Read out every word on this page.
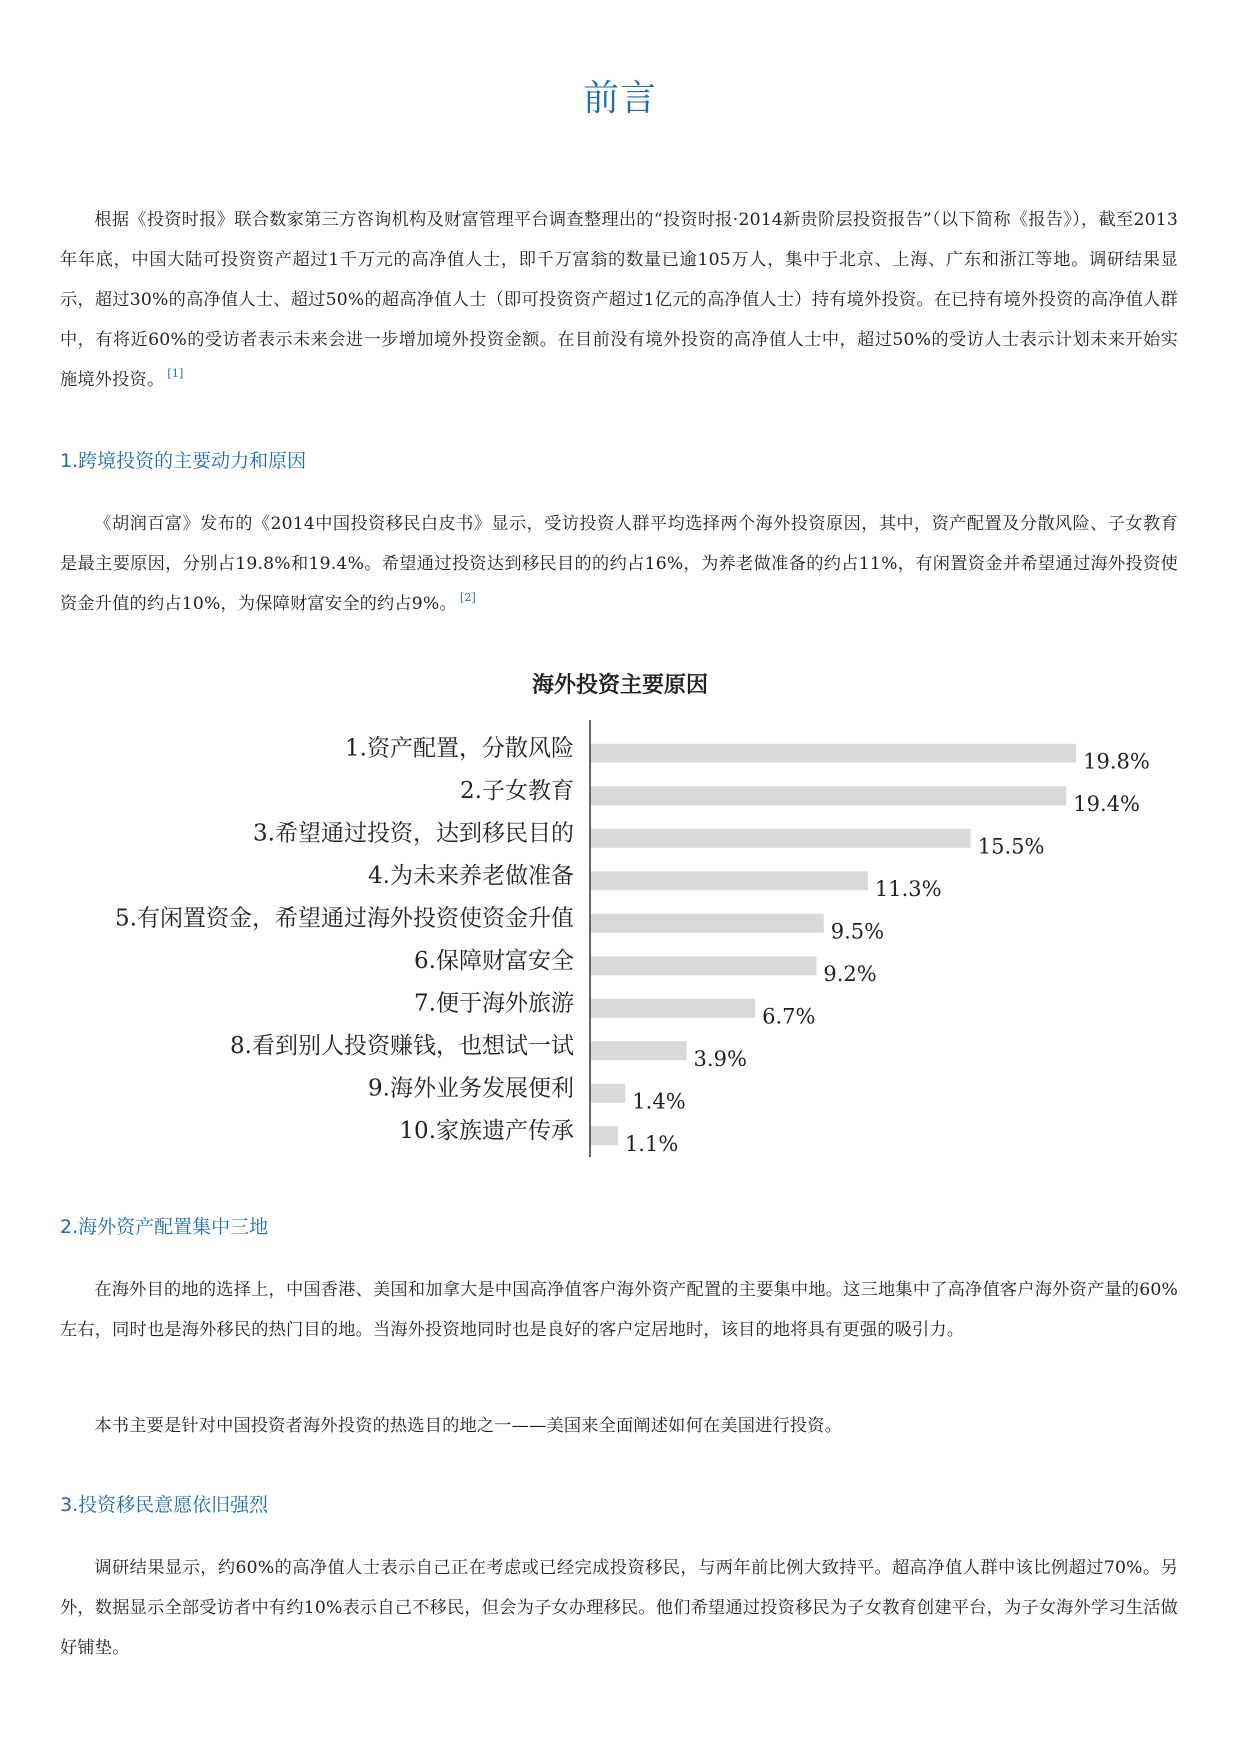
前言

根据《投资时报》联合数家第三方咨询机构及财富管理平台调查整理出的“投资时报·2014新贵阶层投资报告”（以下简称《报告》），截至2013年年底，中国大陆可投资资产超过1千万元的高净值人士，即千万富翁的数量已逾105万人，集中于北京、上海、广东和浙江等地。调研结果显示，超过30%的高净值人士、超过50%的超高净值人士（即可投资资产超过1亿元的高净值人士）持有境外投资。在已持有境外投资的高净值人群中，有将近60%的受访者表示未来会进一步增加境外投资金额。在目前没有境外投资的高净值人士中，超过50%的受访人士表示计划未来开始实施境外投资。 [1]

1.跨境投资的主要动力和原因

《胡润百富》发布的《2014中国投资移民白皮书》显示，受访投资人群平均选择两个海外投资原因，其中，资产配置及分散风险、子女教育是最主要原因，分别占19.8%和19.4%。希望通过投资达到移民目的的约占16%，为养老做准备的约占11%，有闲置资金并希望通过海外投资使资金升值的约占10%，为保障财富安全的约占9%。 [2]

海外投资主要原因
1.资产配置，分散风险	19.8%
2.子女教育	19.4%
3.希望通过投资，达到移民目的	15.5%
4.为未来养老做准备	11.3%
5.有闲置资金，希望通过海外投资使资金升值	9.5%
6.保障财富安全	9.2%
7.便于海外旅游	6.7%
8.看到别人投资赚钱，也想试一试	3.9%
9.海外业务发展便利	1.4%
10.家族遗产传承 1.1%
2.海外资产配置集中三地

在海外目的地的选择上，中国香港、美国和加拿大是中国高净值客户海外资产配置的主要集中地。这三地集中了高净值客户海外资产量的60%左右，同时也是海外移民的热门目的地。当海外投资地同时也是良好的客户定居地时，该目的地将具有更强的吸引力。

本书主要是针对中国投资者海外投资的热选目的地之一——美国来全面阐述如何在美国进行投资。

3.投资移民意愿依旧强烈

调研结果显示，约60%的高净值人士表示自己正在考虑或已经完成投资移民，与两年前比例大致持平。超高净值人群中该比例超过70%。另外，数据显示全部受访者中有约10%表示自己不移民，但会为子女办理移民。他们希望通过投资移民为子女教育创建平台，为子女海外学习生活做好铺垫。
